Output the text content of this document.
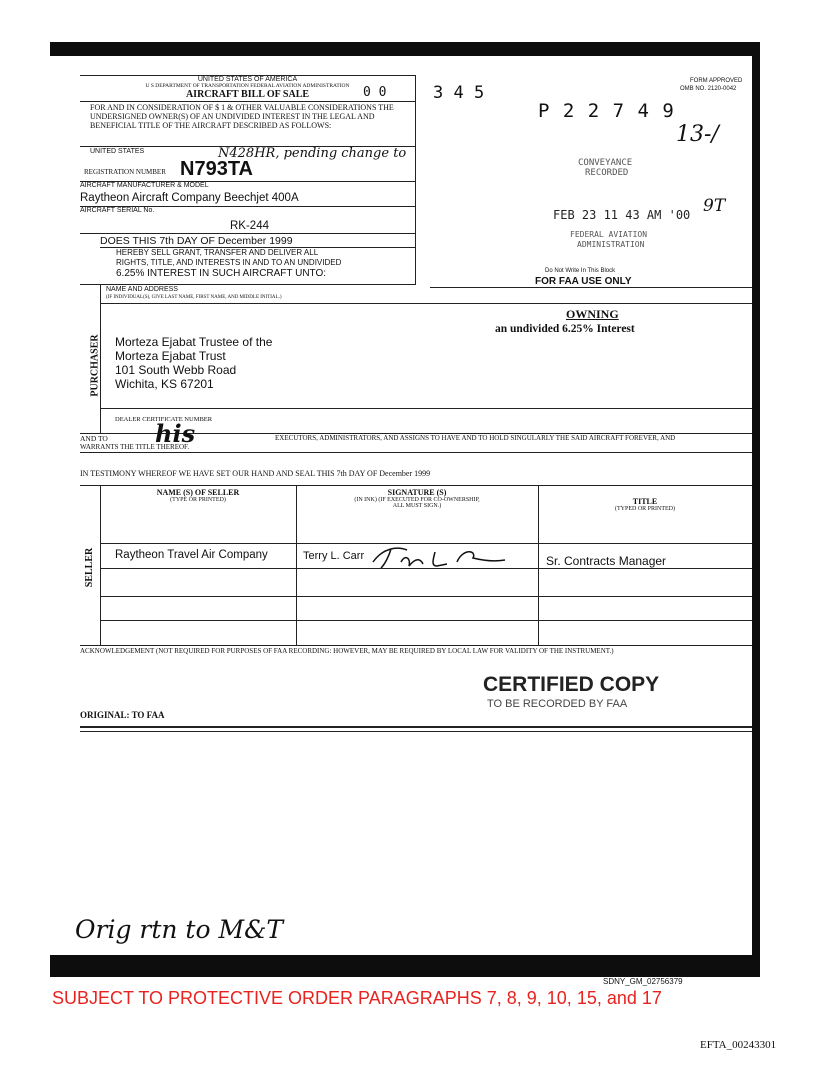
UNITED STATES OF AMERICA
U S DEPARTMENT OF TRANSPORTATION FEDERAL AVIATION ADMINISTRATION
AIRCRAFT BILL OF SALE	0 0	3 4 5
FORM APPROVED
OMB NO. 2120-0042
P 2 2 7 4 9
13-/
FOR AND IN CONSIDERATION OF $ 1 & OTHER VALUABLE CONSIDERATIONS THE UNDERSIGNED OWNER(S) OF AN UNDIVIDED INTEREST IN THE LEGAL AND BENEFICIAL TITLE OF THE AIRCRAFT DESCRIBED AS FOLLOWS:
UNITED STATES	N428HR, pending change to
REGISTRATION NUMBER N793TA
AIRCRAFT MANUFACTURER & MODEL
Raytheon Aircraft Company Beechjet 400A
AIRCRAFT SERIAL No.
RK-244
DOES THIS 7th DAY OF December 1999
HEREBY SELL GRANT, TRANSFER AND DELIVER ALL
RIGHTS, TITLE, AND INTERESTS IN AND TO AN UNDIVIDED
6.25% INTEREST IN SUCH AIRCRAFT UNTO:
CONVEYANCE
RECORDED
FEB 23 11 43 AM '00 9T
FEDERAL AVIATION
ADMINISTRATION
Do Not Write In This Block
FOR FAA USE ONLY
PURCHASER
NAME AND ADDRESS
(IF INDIVIDUAL(S), GIVE LAST NAME, FIRST NAME, AND MIDDLE INITIAL.)
OWNING
an undivided 6.25% Interest
Morteza Ejabat Trustee of the
Morteza Ejabat Trust
101 South Webb Road
Wichita, KS 67201
DEALER CERTIFICATE NUMBER
AND TO his	EXECUTORS, ADMINISTRATORS, AND ASSIGNS TO HAVE AND TO HOLD SINGULARLY THE SAID AIRCRAFT FOREVER, AND
WARRANTS THE TITLE THEREOF.
IN TESTIMONY WHEREOF WE HAVE SET OUR HAND AND SEAL THIS 7th DAY OF December 1999
SELLER
NAME (S) OF SELLER
(TYPE OR PRINTED)
SIGNATURE (S)
(IN INK) (IF EXECUTED FOR CO-OWNERSHIP, ALL MUST SIGN.)	TITLE
(TYPED OR PRINTED)
Raytheon Travel Air Company	Terry L. Carr	Sr. Contracts Manager
ACKNOWLEDGEMENT (NOT REQUIRED FOR PURPOSES OF FAA RECORDING: HOWEVER, MAY BE REQUIRED BY LOCAL LAW FOR VALIDITY OF THE INSTRUMENT.)
CERTIFIED COPY
TO BE RECORDED BY FAA
ORIGINAL: TO FAA
Orig rtn to M&T
SDNY_GM_02756379
SUBJECT TO PROTECTIVE ORDER PARAGRAPHS 7, 8, 9, 10, 15, and 17
EFTA_00243301
